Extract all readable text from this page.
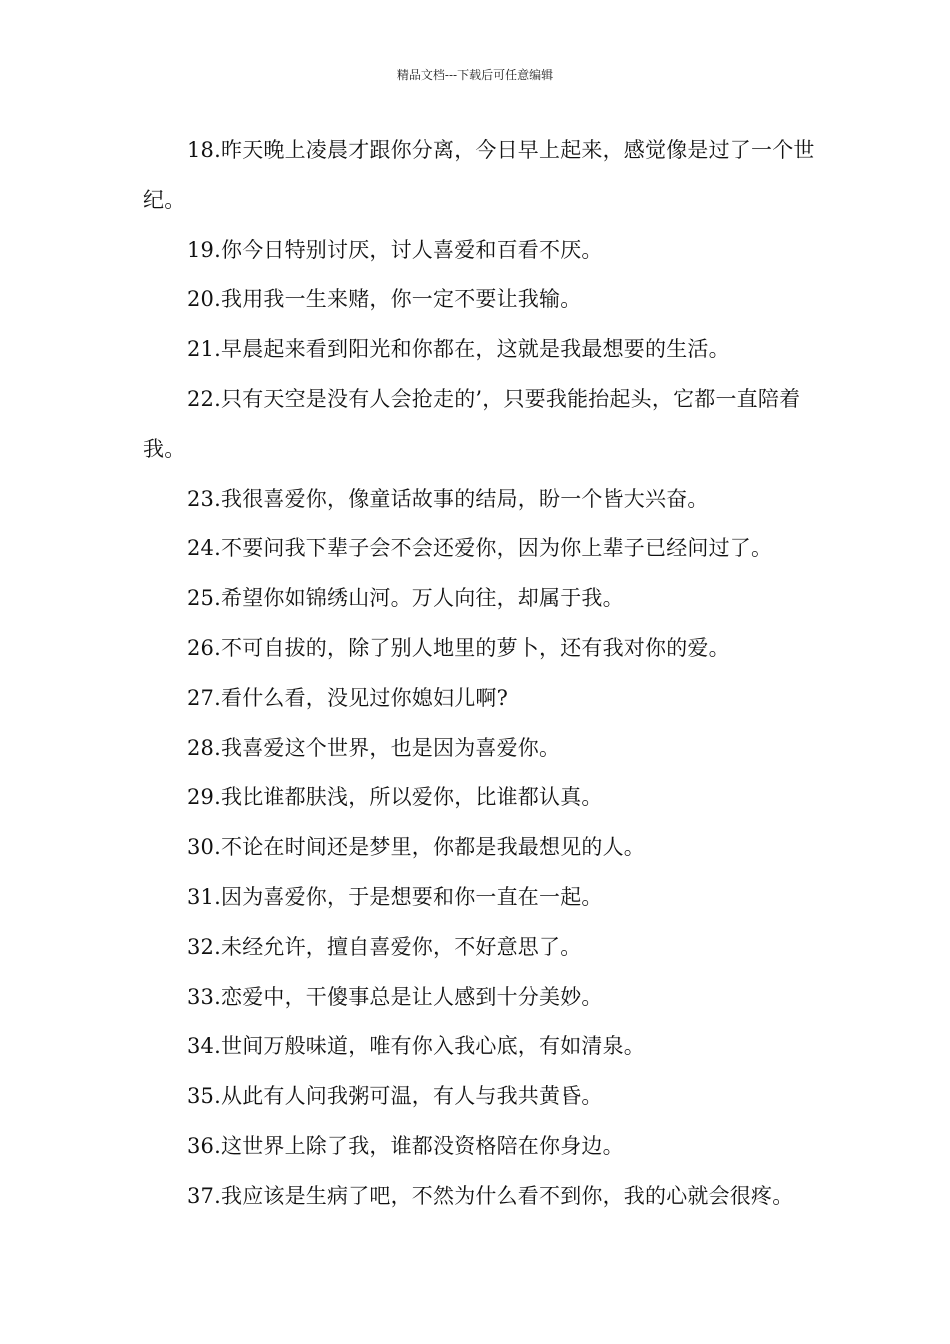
精品文档---下载后可任意编辑

18.昨天晚上凌晨才跟你分离，今日早上起来，感觉像是过了一个世纪。

19.你今日特别讨厌，讨人喜爱和百看不厌。

20.我用我一生来赌，你一定不要让我输。

21.早晨起来看到阳光和你都在，这就是我最想要的生活。

22.只有天空是没有人会抢走的’，只要我能抬起头，它都一直陪着我。

23.我很喜爱你，像童话故事的结局，盼一个皆大兴奋。

24.不要问我下辈子会不会还爱你，因为你上辈子已经问过了。

25.希望你如锦绣山河。万人向往，却属于我。

26.不可自拔的，除了别人地里的萝卜，还有我对你的爱。

27.看什么看，没见过你媳妇儿啊?

28.我喜爱这个世界，也是因为喜爱你。

29.我比谁都肤浅，所以爱你，比谁都认真。

30.不论在时间还是梦里，你都是我最想见的人。

31.因为喜爱你，于是想要和你一直在一起。

32.未经允许，擅自喜爱你，不好意思了。

33.恋爱中，干傻事总是让人感到十分美妙。

34.世间万般味道，唯有你入我心底，有如清泉。

35.从此有人问我粥可温，有人与我共黄昏。

36.这世界上除了我，谁都没资格陪在你身边。

37.我应该是生病了吧，不然为什么看不到你，我的心就会很疼。
